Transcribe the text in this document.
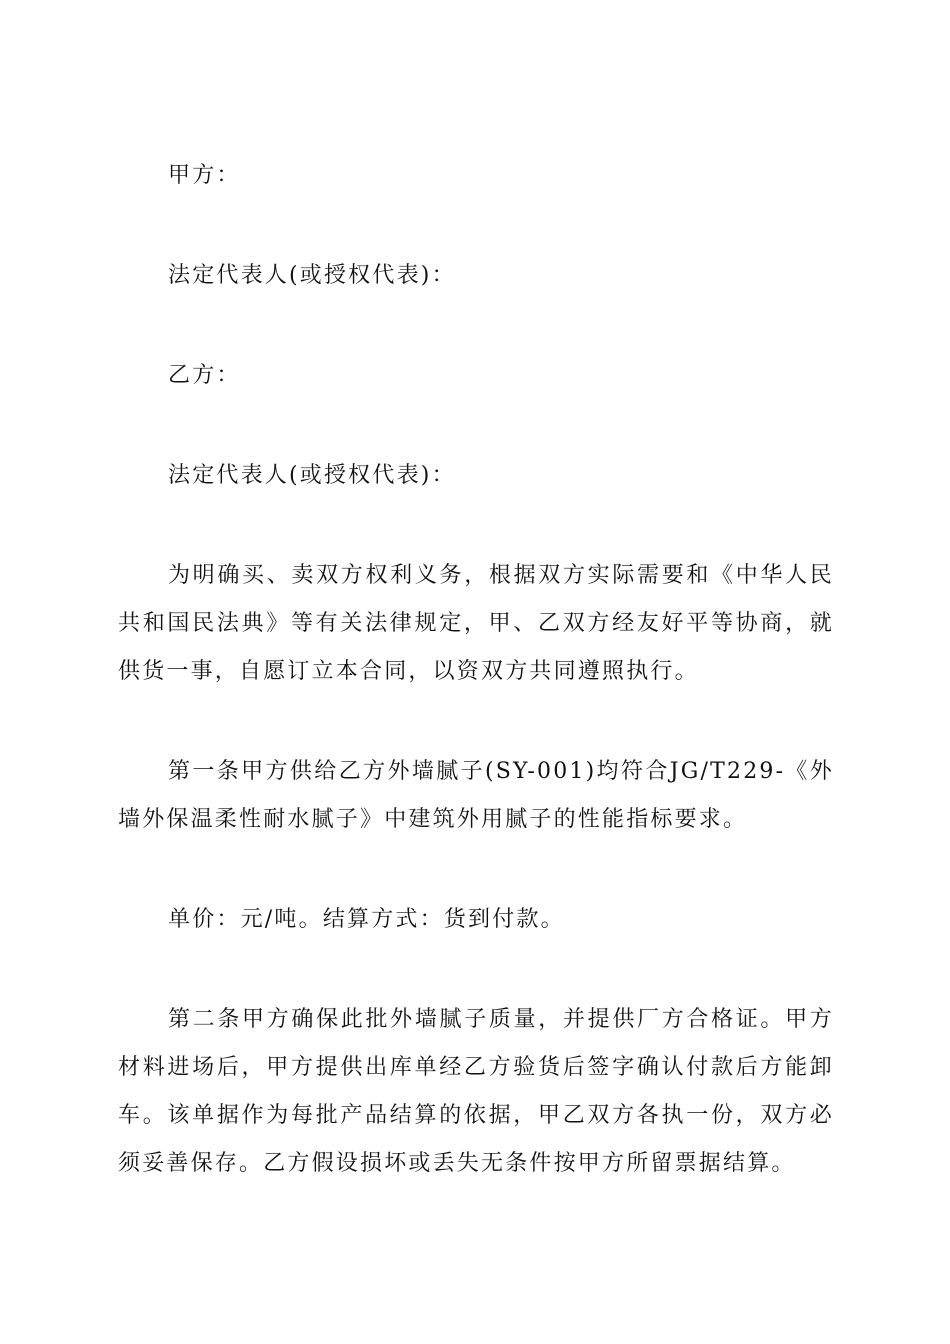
甲方：

法定代表人(或授权代表)：

乙方：

法定代表人(或授权代表)：

为明确买、卖双方权利义务，根据双方实际需要和《中华人民共和国民法典》等有关法律规定，甲、乙双方经友好平等协商，就供货一事，自愿订立本合同，以资双方共同遵照执行。

第一条甲方供给乙方外墙腻子(SY-001)均符合JG/T229-《外墙外保温柔性耐水腻子》中建筑外用腻子的性能指标要求。

单价：元/吨。结算方式：货到付款。

第二条甲方确保此批外墙腻子质量，并提供厂方合格证。甲方材料进场后，甲方提供出库单经乙方验货后签字确认付款后方能卸车。该单据作为每批产品结算的依据，甲乙双方各执一份，双方必须妥善保存。乙方假设损坏或丢失无条件按甲方所留票据结算。
